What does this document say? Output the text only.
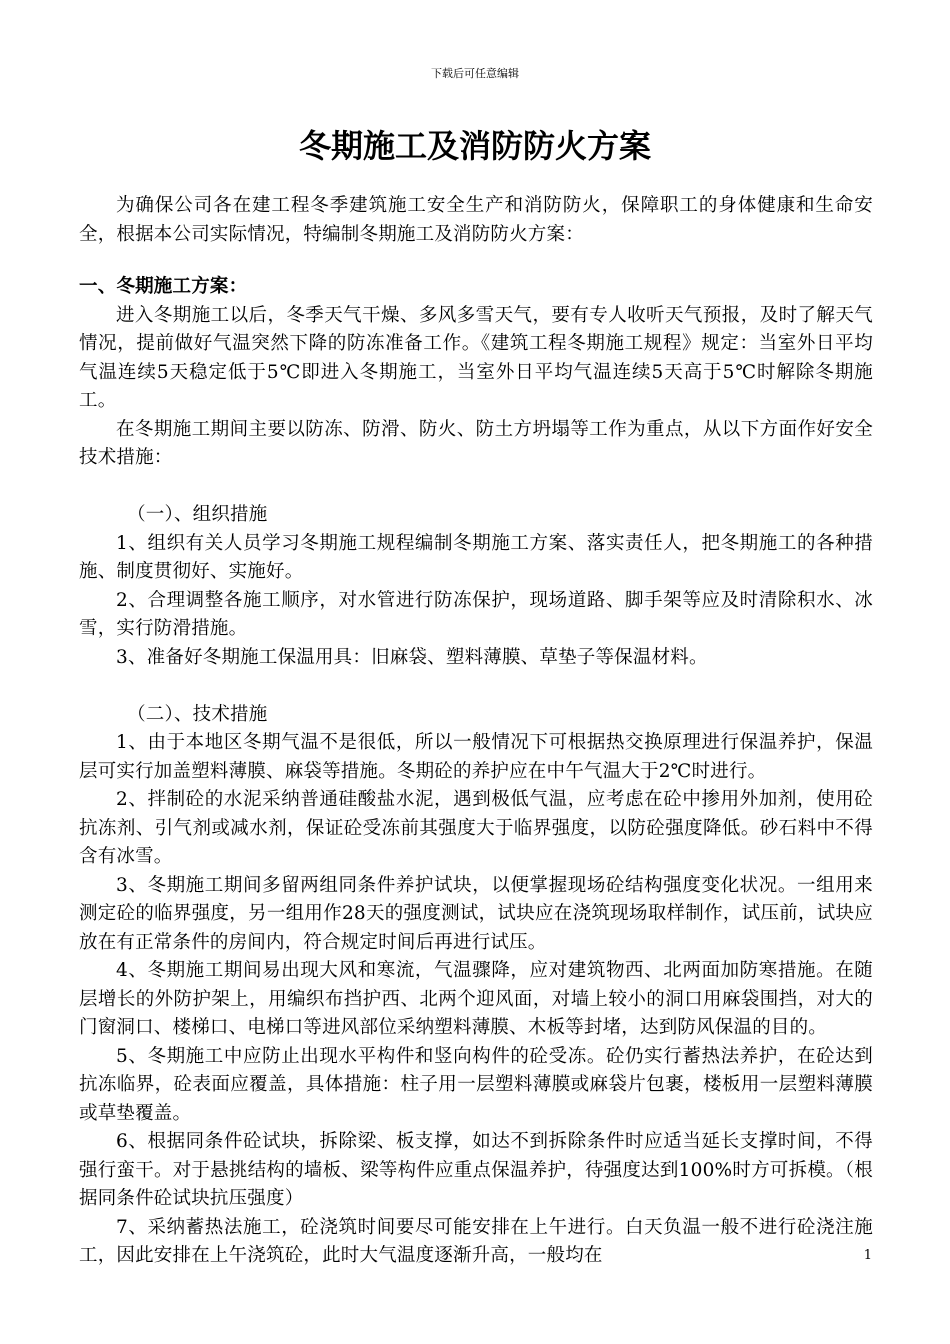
下载后可任意编辑
冬期施工及消防防火方案

为确保公司各在建工程冬季建筑施工安全生产和消防防火，保障职工的身体健康和生命安全，根据本公司实际情况，特编制冬期施工及消防防火方案：

一、冬期施工方案：

进入冬期施工以后，冬季天气干燥、多风多雪天气，要有专人收听天气预报，及时了解天气情况，提前做好气温突然下降的防冻准备工作。《建筑工程冬期施工规程》规定：当室外日平均气温连续5天稳定低于5℃即进入冬期施工，当室外日平均气温连续5天高于5℃时解除冬期施工。

在冬期施工期间主要以防冻、防滑、防火、防土方坍塌等工作为重点，从以下方面作好安全技术措施：

（一）、组织措施

1、组织有关人员学习冬期施工规程编制冬期施工方案、落实责任人，把冬期施工的各种措施、制度贯彻好、实施好。

2、合理调整各施工顺序，对水管进行防冻保护，现场道路、脚手架等应及时清除积水、冰雪，实行防滑措施。

3、准备好冬期施工保温用具：旧麻袋、塑料薄膜、草垫子等保温材料。

（二）、技术措施

1、由于本地区冬期气温不是很低，所以一般情况下可根据热交换原理进行保温养护，保温层可实行加盖塑料薄膜、麻袋等措施。冬期砼的养护应在中午气温大于2℃时进行。

2、拌制砼的水泥采纳普通硅酸盐水泥，遇到极低气温，应考虑在砼中掺用外加剂，使用砼抗冻剂、引气剂或减水剂，保证砼受冻前其强度大于临界强度，以防砼强度降低。砂石料中不得含有冰雪。

3、冬期施工期间多留两组同条件养护试块，以便掌握现场砼结构强度变化状况。一组用来测定砼的临界强度，另一组用作28天的强度测试，试块应在浇筑现场取样制作，试压前，试块应放在有正常条件的房间内，符合规定时间后再进行试压。

4、冬期施工期间易出现大风和寒流，气温骤降，应对建筑物西、北两面加防寒措施。在随层增长的外防护架上，用编织布挡护西、北两个迎风面，对墙上较小的洞口用麻袋围挡，对大的门窗洞口、楼梯口、电梯口等进风部位采纳塑料薄膜、木板等封堵，达到防风保温的目的。

5、冬期施工中应防止出现水平构件和竖向构件的砼受冻。砼仍实行蓄热法养护，在砼达到抗冻临界，砼表面应覆盖，具体措施：柱子用一层塑料薄膜或麻袋片包裹，楼板用一层塑料薄膜或草垫覆盖。

6、根据同条件砼试块，拆除梁、板支撑，如达不到拆除条件时应适当延长支撑时间，不得强行蛮干。对于悬挑结构的墙板、梁等构件应重点保温养护，待强度达到100%时方可拆模。（根据同条件砼试块抗压强度）

7、采纳蓄热法施工，砼浇筑时间要尽可能安排在上午进行。白天负温一般不进行砼浇注施工，因此安排在上午浇筑砼，此时大气温度逐渐升高，一般均在	1
